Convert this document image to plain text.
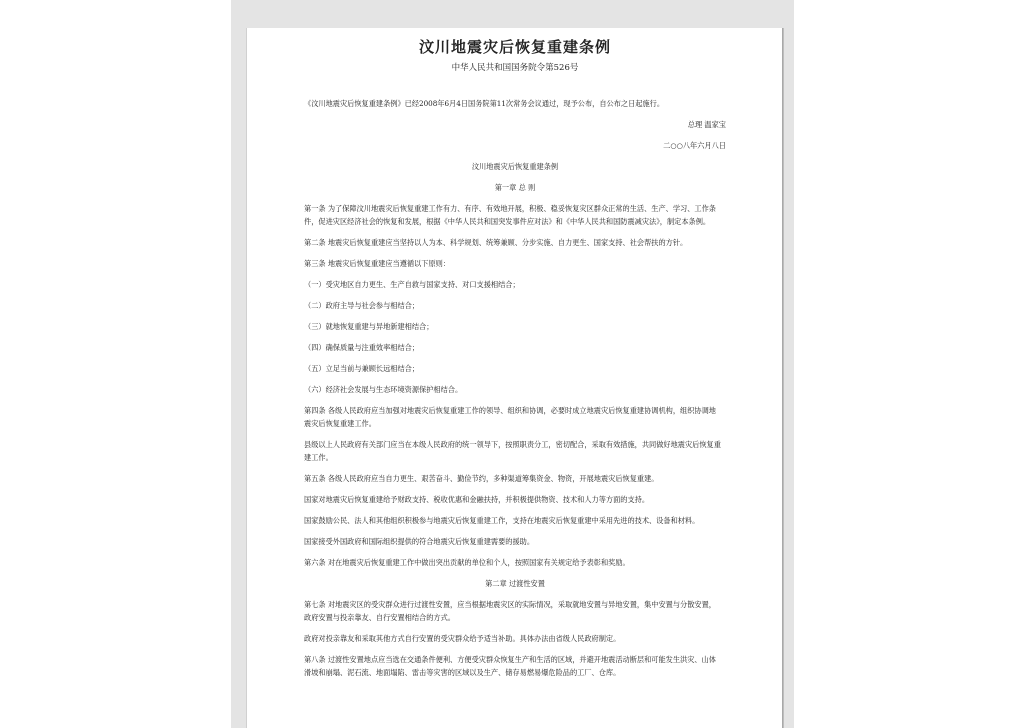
汶川地震灾后恢复重建条例
中华人民共和国国务院令第526号

《汶川地震灾后恢复重建条例》已经2008年6月4日国务院第11次常务会议通过，现予公布，自公布之日起施行。

总理 温家宝

二○○八年六月八日

汶川地震灾后恢复重建条例

第一章 总 则

第一条 为了保障汶川地震灾后恢复重建工作有力、有序、有效地开展，积极、稳妥恢复灾区群众正常的生活、生产、学习、工作条

件，促进灾区经济社会的恢复和发展，根据《中华人民共和国突发事件应对法》和《中华人民共和国防震减灾法》，制定本条例。

第二条 地震灾后恢复重建应当坚持以人为本、科学规划、统筹兼顾、分步实施、自力更生、国家支持、社会帮扶的方针。

第三条 地震灾后恢复重建应当遵循以下原则：

（一）受灾地区自力更生、生产自救与国家支持、对口支援相结合；

（二）政府主导与社会参与相结合；

（三）就地恢复重建与异地新建相结合；

（四）确保质量与注重效率相结合；

（五）立足当前与兼顾长远相结合；

（六）经济社会发展与生态环境资源保护相结合。

第四条 各级人民政府应当加强对地震灾后恢复重建工作的领导、组织和协调，必要时成立地震灾后恢复重建协调机构，组织协调地

震灾后恢复重建工作。

县级以上人民政府有关部门应当在本级人民政府的统一领导下，按照职责分工，密切配合，采取有效措施，共同做好地震灾后恢复重

建工作。

第五条 各级人民政府应当自力更生、艰苦奋斗、勤俭节约，多种渠道筹集资金、物资，开展地震灾后恢复重建。

国家对地震灾后恢复重建给予财政支持、税收优惠和金融扶持，并积极提供物资、技术和人力等方面的支持。

国家鼓励公民、法人和其他组织积极参与地震灾后恢复重建工作，支持在地震灾后恢复重建中采用先进的技术、设备和材料。

国家接受外国政府和国际组织提供的符合地震灾后恢复重建需要的援助。

第六条 对在地震灾后恢复重建工作中做出突出贡献的单位和个人，按照国家有关规定给予表彰和奖励。

第二章 过渡性安置

第七条 对地震灾区的受灾群众进行过渡性安置，应当根据地震灾区的实际情况，采取就地安置与异地安置，集中安置与分散安置，

政府安置与投亲靠友、自行安置相结合的方式。

政府对投亲靠友和采取其他方式自行安置的受灾群众给予适当补助。具体办法由省级人民政府制定。

第八条 过渡性安置地点应当选在交通条件便利、方便受灾群众恢复生产和生活的区域，并避开地震活动断层和可能发生洪灾、山体

滑坡和崩塌、泥石流、地面塌陷、雷击等灾害的区域以及生产、储存易燃易爆危险品的工厂、仓库。
